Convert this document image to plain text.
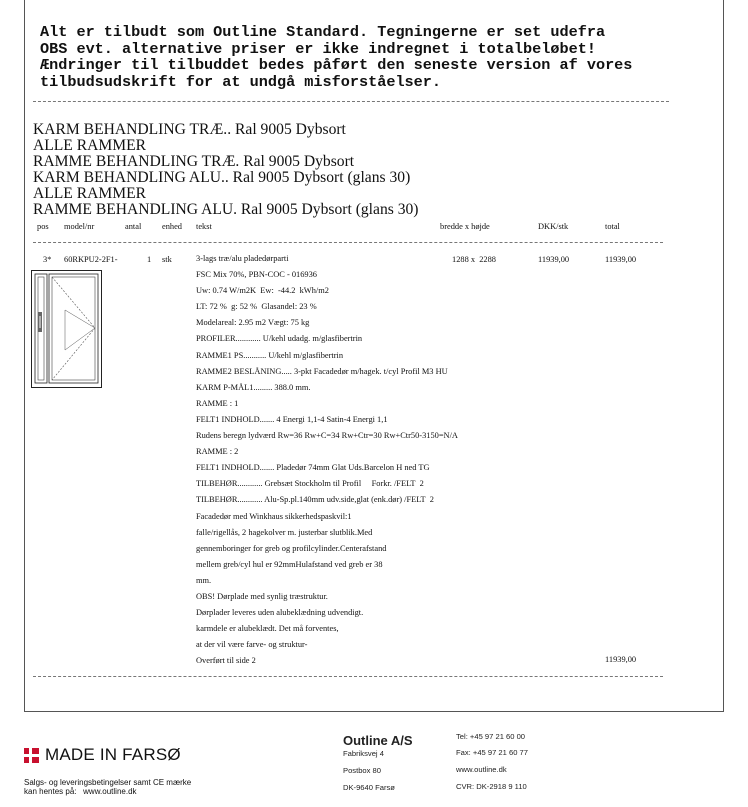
Alt er tilbudt som Outline Standard. Tegningerne er set udefra
OBS evt. alternative priser er ikke indregnet i totalbeløbet!
Ændringer til tilbuddet bedes påført den seneste version af vores
tilbudsudskrift for at undgå misforståelser.
KARM BEHANDLING TRÆ.. Ral 9005 Dybsort
ALLE RAMMER
RAMME BEHANDLING TRÆ. Ral 9005 Dybsort
KARM BEHANDLING ALU.. Ral 9005 Dybsort (glans 30)
ALLE RAMMER
RAMME BEHANDLING ALU. Ral 9005 Dybsort (glans 30)
pos model/nr	antal enhed tekst	bredde x højde	DKK/stk	total
3* 60RKPU2-2F1-	1 stk	1288 x  2288	11939,00	11939,00
3-lags træ/alu pladedørparti
FSC Mix 70%, PBN-COC - 016936
Uw: 0.74 W/m2K  Ew:  -44.2  kWh/m2
LT: 72 %  g: 52 %  Glasandel: 23 %
Modelareal: 2.95 m2 Vægt: 75 kg
PROFILER............ U/kehl udadg. m/glasfibertrin
RAMME1 PS........... U/kehl m/glasfibertrin
RAMME2 BESLÅNING..... 3-pkt Facadedør m/hagek. t/cyl Profil M3 HU
KARM P-MÅL1......... 388.0 mm.
RAMME : 1
FELT1 INDHOLD....... 4 Energi 1,1-4 Satin-4 Energi 1,1
Rudens beregn lydværd Rw=36 Rw+C=34 Rw+Ctr=30 Rw+Ctr50-3150=N/A
RAMME : 2
FELT1 INDHOLD....... Pladedør 74mm Glat Uds.Barcelon H ned TG
TILBEHØR............ Grebsæt Stockholm til Profil     Forkr. /FELT  2
TILBEHØR............ Alu-Sp.pl.140mm udv.side,glat (enk.dør) /FELT  2
Facadedør med Winkhaus sikkerhedspaskvil:1
falle/rigellås, 2 hagekolver m. justerbar slutblik.Med
gennemboringer for greb og profilcylinder.Centerafstand
mellem greb/cyl hul er 92mmHulafstand ved greb er 38
mm.
OBS! Dørplade med synlig træstruktur.
Dørplader leveres uden alubeklædning udvendigt.
karmdele er alubeklædt. Det må forventes,
at der vil være farve- og struktur-
Overført til side 2	11939,00
MADE IN FARSØ
Salgs- og leveringsbetingelser samt CE mærke
kan hentes på:   www.outline.dk
Outline A/S
Fabriksvej 4
Postbox 80
DK-9640 Farsø
Tel: +45 97 21 60 00
Fax: +45 97 21 60 77
www.outline.dk
CVR: DK-2918 9 110
